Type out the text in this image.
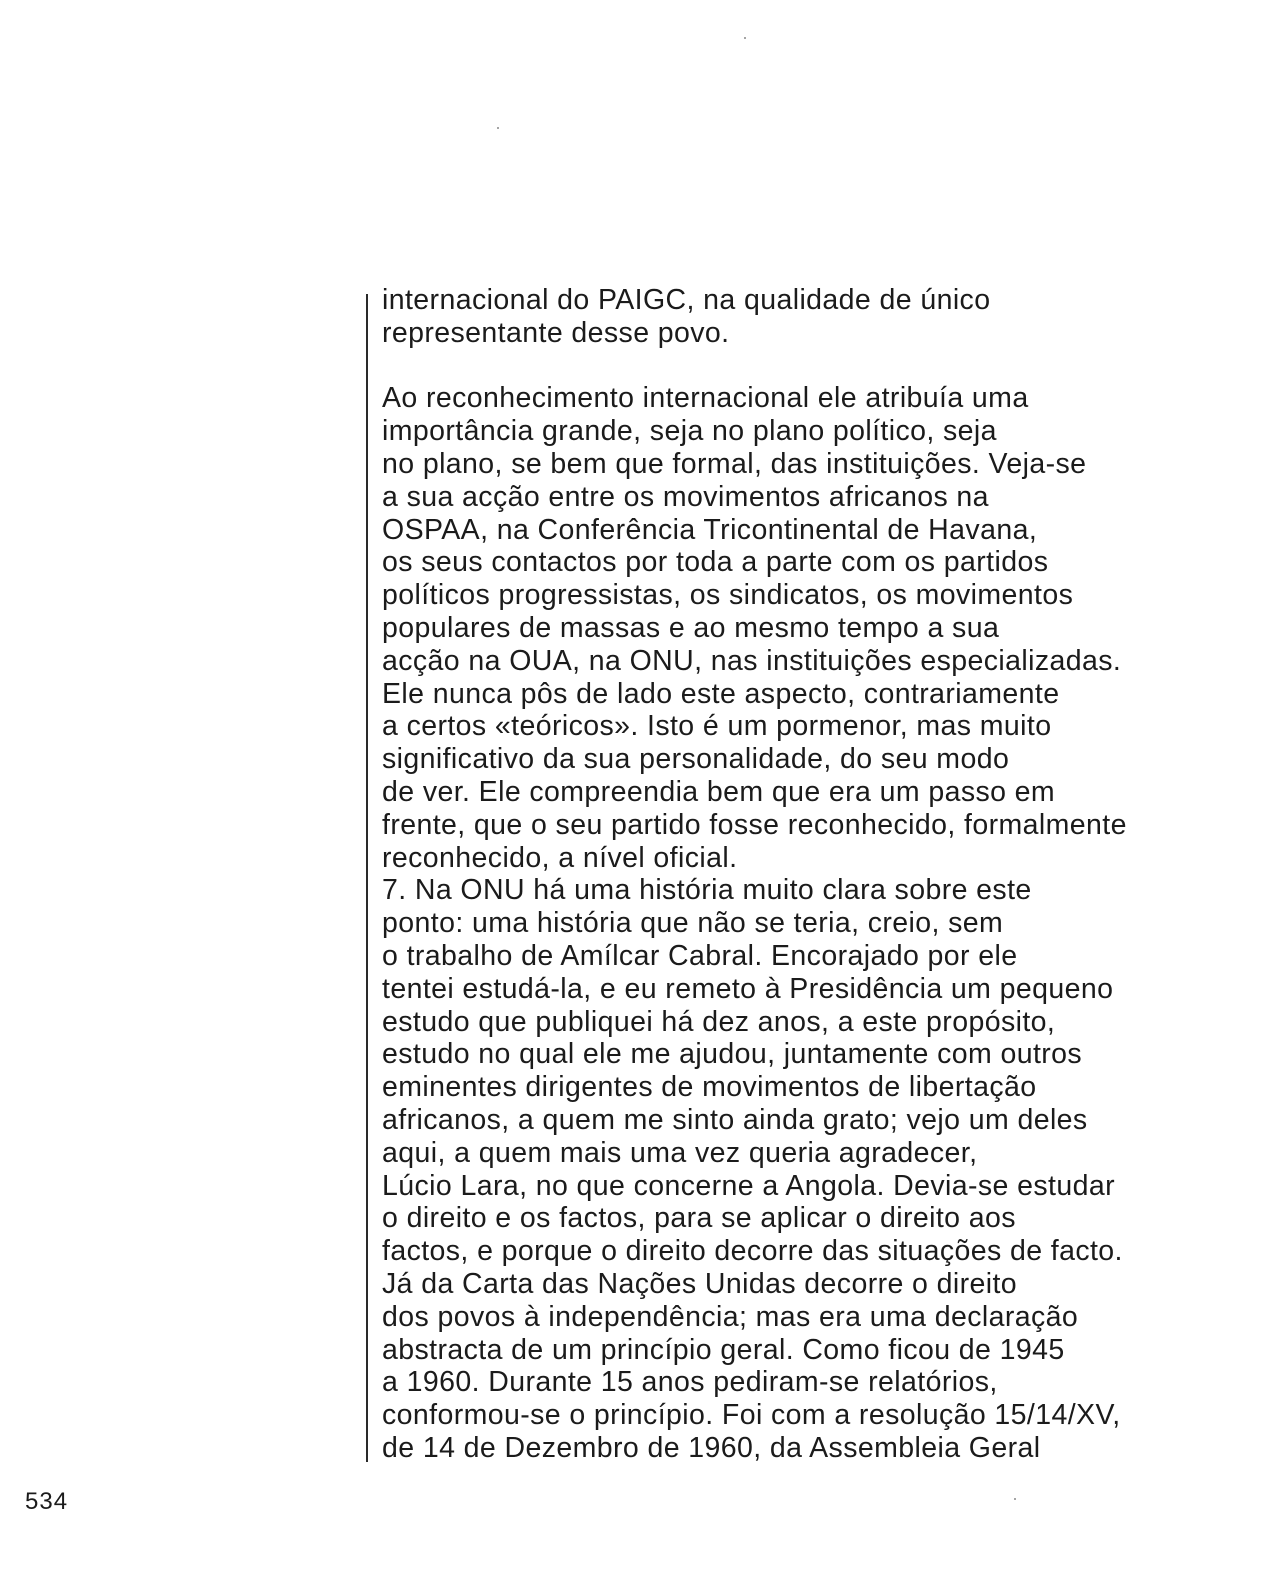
internacional do PAIGC, na qualidade de único
representante desse povo.
Ao reconhecimento internacional ele atribuía uma
importância grande, seja no plano político, seja
no plano, se bem que formal, das instituições. Veja-se
a sua acção entre os movimentos africanos na
OSPAA, na Conferência Tricontinental de Havana,
os seus contactos por toda a parte com os partidos
políticos progressistas, os sindicatos, os movimentos
populares de massas e ao mesmo tempo a sua
acção na OUA, na ONU, nas instituições especializadas.
Ele nunca pôs de lado este aspecto, contrariamente
a certos «teóricos». Isto é um pormenor, mas muito
significativo da sua personalidade, do seu modo
de ver. Ele compreendia bem que era um passo em
frente, que o seu partido fosse reconhecido, formalmente
reconhecido, a nível oficial.
7. Na ONU há uma história muito clara sobre este
ponto: uma história que não se teria, creio, sem
o trabalho de Amílcar Cabral. Encorajado por ele
tentei estudá-la, e eu remeto à Presidência um pequeno
estudo que publiquei há dez anos, a este propósito,
estudo no qual ele me ajudou, juntamente com outros
eminentes dirigentes de movimentos de libertação
africanos, a quem me sinto ainda grato; vejo um deles
aqui, a quem mais uma vez queria agradecer,
Lúcio Lara, no que concerne a Angola. Devia-se estudar
o direito e os factos, para se aplicar o direito aos
factos, e porque o direito decorre das situações de facto.
Já da Carta das Nações Unidas decorre o direito
dos povos à independência; mas era uma declaração
abstracta de um princípio geral. Como ficou de 1945
a 1960. Durante 15 anos pediram-se relatórios,
conformou-se o princípio. Foi com a resolução 15/14/XV,
de 14 de Dezembro de 1960, da Assembleia Geral
534
